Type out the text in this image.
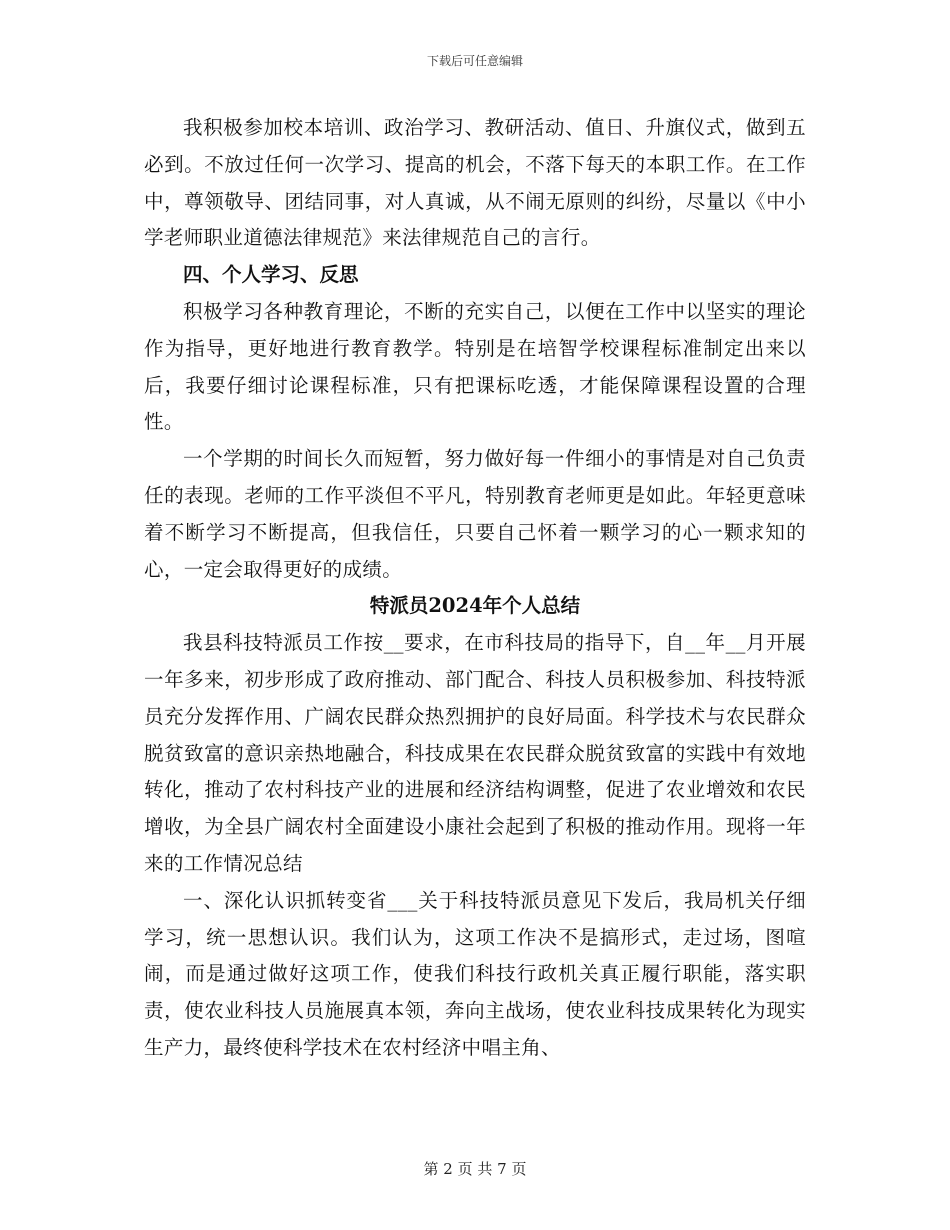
下载后可任意编辑

我积极参加校本培训、政治学习、教研活动、值日、升旗仪式，做到五必到。不放过任何一次学习、提高的机会，不落下每天的本职工作。在工作中，尊领敬导、团结同事，对人真诚，从不闹无原则的纠纷，尽量以《中小学老师职业道德法律规范》来法律规范自己的言行。

四、个人学习、反思

积极学习各种教育理论，不断的充实自己，以便在工作中以坚实的理论作为指导，更好地进行教育教学。特别是在培智学校课程标准制定出来以后，我要仔细讨论课程标准，只有把课标吃透，才能保障课程设置的合理性。

一个学期的时间长久而短暂，努力做好每一件细小的事情是对自己负责任的表现。老师的工作平淡但不平凡，特别教育老师更是如此。年轻更意味着不断学习不断提高，但我信任，只要自己怀着一颗学习的心一颗求知的心，一定会取得更好的成绩。

特派员2024年个人总结

我县科技特派员工作按__要求，在市科技局的指导下，自__年__月开展一年多来，初步形成了政府推动、部门配合、科技人员积极参加、科技特派员充分发挥作用、广阔农民群众热烈拥护的良好局面。科学技术与农民群众脱贫致富的意识亲热地融合，科技成果在农民群众脱贫致富的实践中有效地转化，推动了农村科技产业的进展和经济结构调整，促进了农业增效和农民增收，为全县广阔农村全面建设小康社会起到了积极的推动作用。现将一年来的工作情况总结

一、深化认识抓转变省___关于科技特派员意见下发后，我局机关仔细学习，统一思想认识。我们认为，这项工作决不是搞形式，走过场，图喧闹，而是通过做好这项工作，使我们科技行政机关真正履行职能，落实职责，使农业科技人员施展真本领，奔向主战场，使农业科技成果转化为现实生产力，最终使科学技术在农村经济中唱主角、

第 2 页 共 7 页
